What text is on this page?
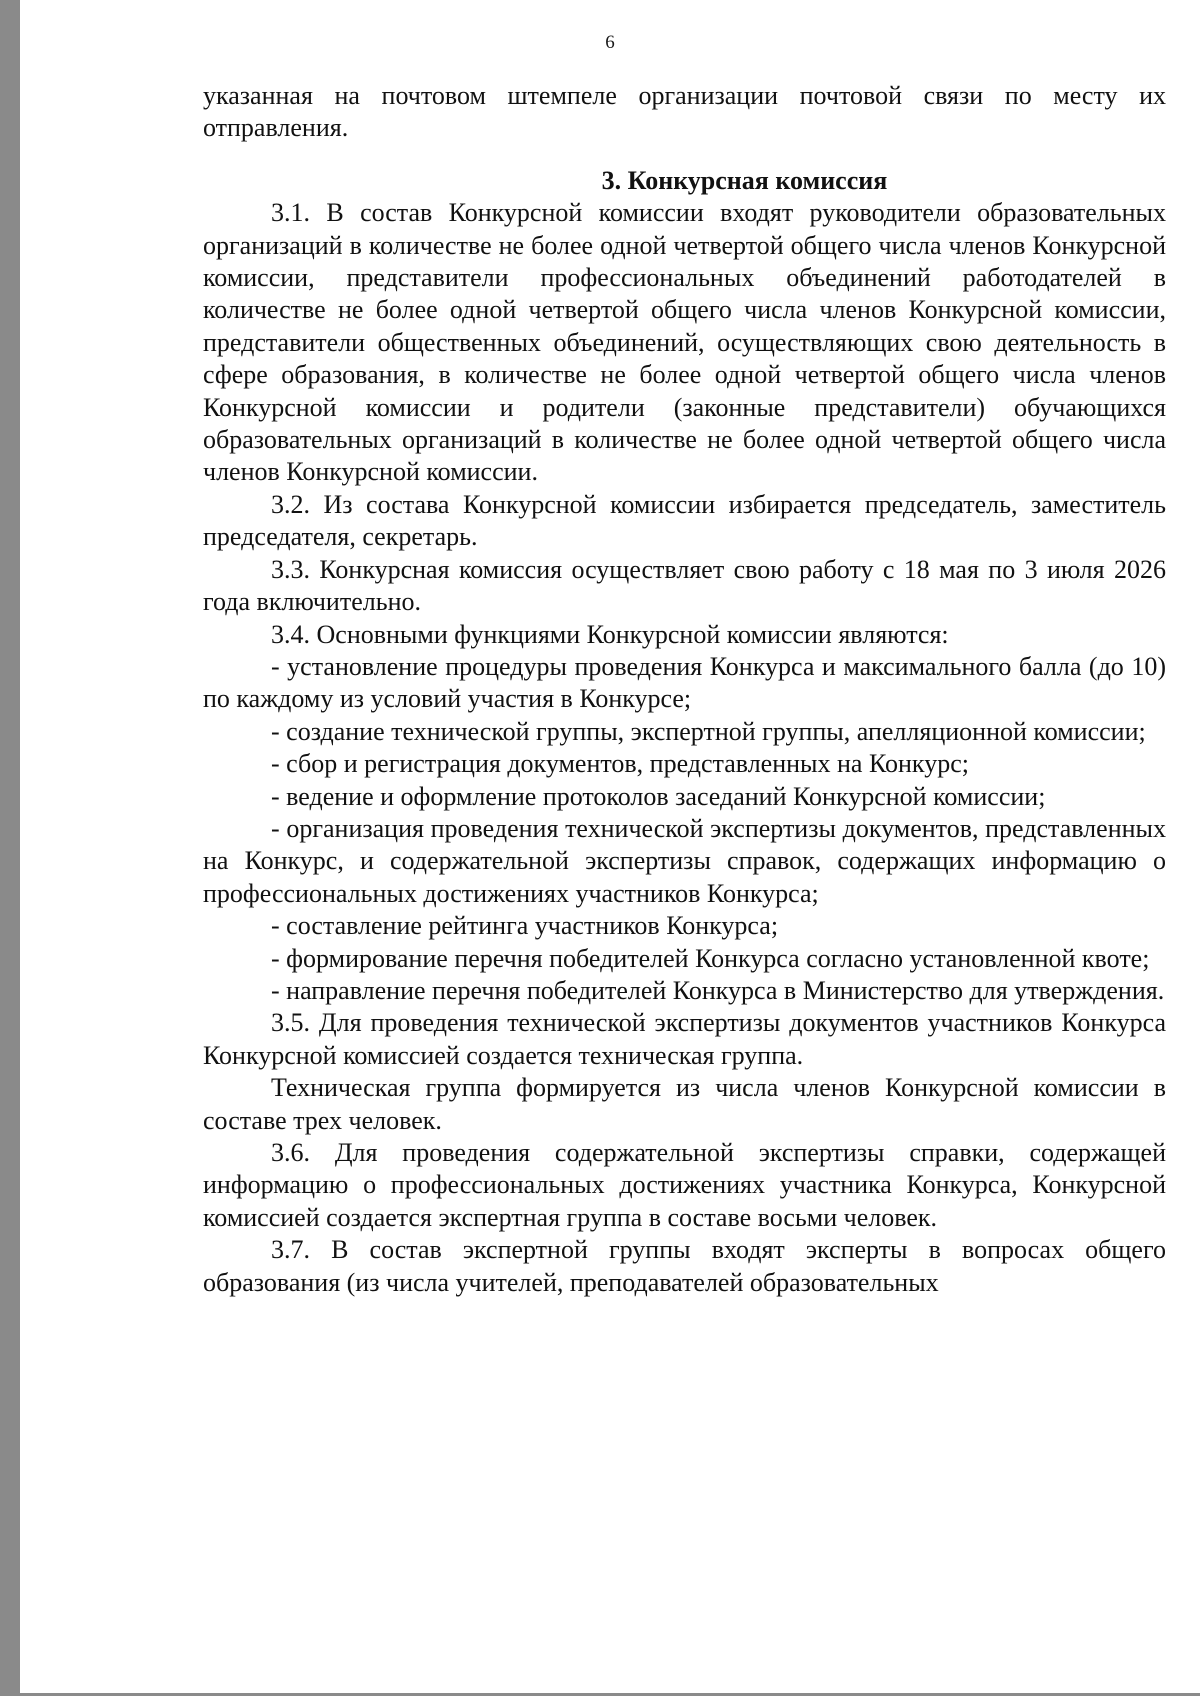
6

указанная на почтовом штемпеле организации почтовой связи по месту их отправления.

3. Конкурсная комиссия

3.1. В состав Конкурсной комиссии входят руководители образовательных организаций в количестве не более одной четвертой общего числа членов Конкурсной комиссии, представители профессиональных объединений работодателей в количестве не более одной четвертой общего числа членов Конкурсной комиссии, представители общественных объединений, осуществляющих свою деятельность в сфере образования, в количестве не более одной четвертой общего числа членов Конкурсной комиссии и родители (законные представители) обучающихся образовательных организаций в количестве не более одной четвертой общего числа членов Конкурсной комиссии.

3.2. Из состава Конкурсной комиссии избирается председатель, заместитель председателя, секретарь.

3.3. Конкурсная комиссия осуществляет свою работу с 18 мая по 3 июля 2026 года включительно.

3.4. Основными функциями Конкурсной комиссии являются:

- установление процедуры проведения Конкурса и максимального балла (до 10) по каждому из условий участия в Конкурсе;

- создание технической группы, экспертной группы, апелляционной комиссии;

- сбор и регистрация документов, представленных на Конкурс;

- ведение и оформление протоколов заседаний Конкурсной комиссии;

- организация проведения технической экспертизы документов, представленных на Конкурс, и содержательной экспертизы справок, содержащих информацию о профессиональных достижениях участников Конкурса;

- составление рейтинга участников Конкурса;

- формирование перечня победителей Конкурса согласно установленной квоте;

- направление перечня победителей Конкурса в Министерство для утверждения.

3.5. Для проведения технической экспертизы документов участников Конкурса Конкурсной комиссией создается техническая группа.

Техническая группа формируется из числа членов Конкурсной комиссии в составе трех человек.

3.6. Для проведения содержательной экспертизы справки, содержащей информацию о профессиональных достижениях участника Конкурса, Конкурсной комиссией создается экспертная группа в составе восьми человек.

3.7. В состав экспертной группы входят эксперты в вопросах общего образования (из числа учителей, преподавателей образовательных
